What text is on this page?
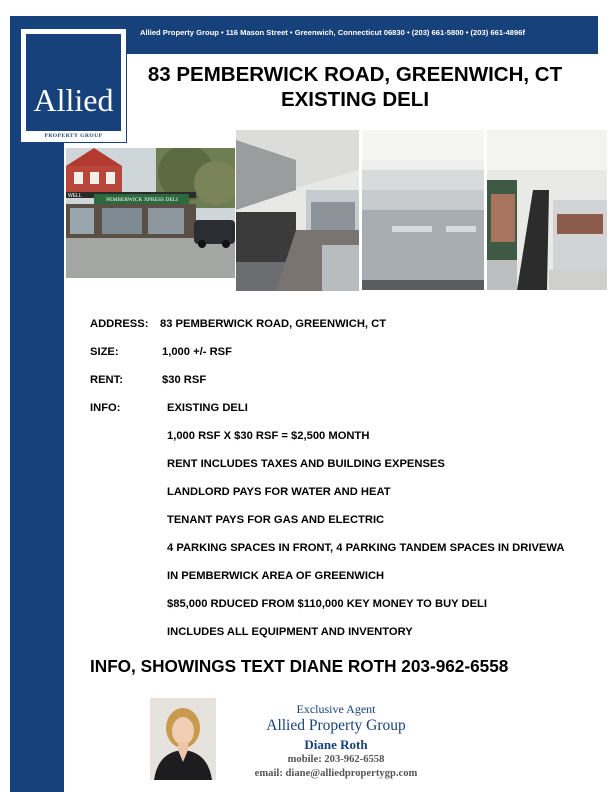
Allied Property Group • 116 Mason Street • Greenwich, Connecticut 06830 • (203) 661-5800 • (203) 661-4896f
Allied
PROPERTY GROUP
83 PEMBERWICK ROAD, GREENWICH, CT
EXISTING DELI
PEMBERWICK XPRESS DELI
WELL
ADDRESS: 83 PEMBERWICK ROAD, GREENWICH, CT
SIZE:	1,000 +/- RSF
RENT:	$30 RSF
INFO:	EXISTING DELI
1,000 RSF X $30 RSF = $2,500 MONTH
RENT INCLUDES TAXES AND BUILDING EXPENSES
LANDLORD PAYS FOR WATER AND HEAT
TENANT PAYS FOR GAS AND ELECTRIC
4 PARKING SPACES IN FRONT, 4 PARKING TANDEM SPACES IN DRIVEWA
IN PEMBERWICK AREA OF GREENWICH
$85,000 RDUCED FROM $110,000 KEY MONEY TO BUY DELI
INCLUDES ALL EQUIPMENT AND INVENTORY
INFO, SHOWINGS TEXT DIANE ROTH 203-962-6558
Exclusive Agent
Allied Property Group
Diane Roth
mobile: 203-962-6558
email: diane@alliedpropertygp.com
